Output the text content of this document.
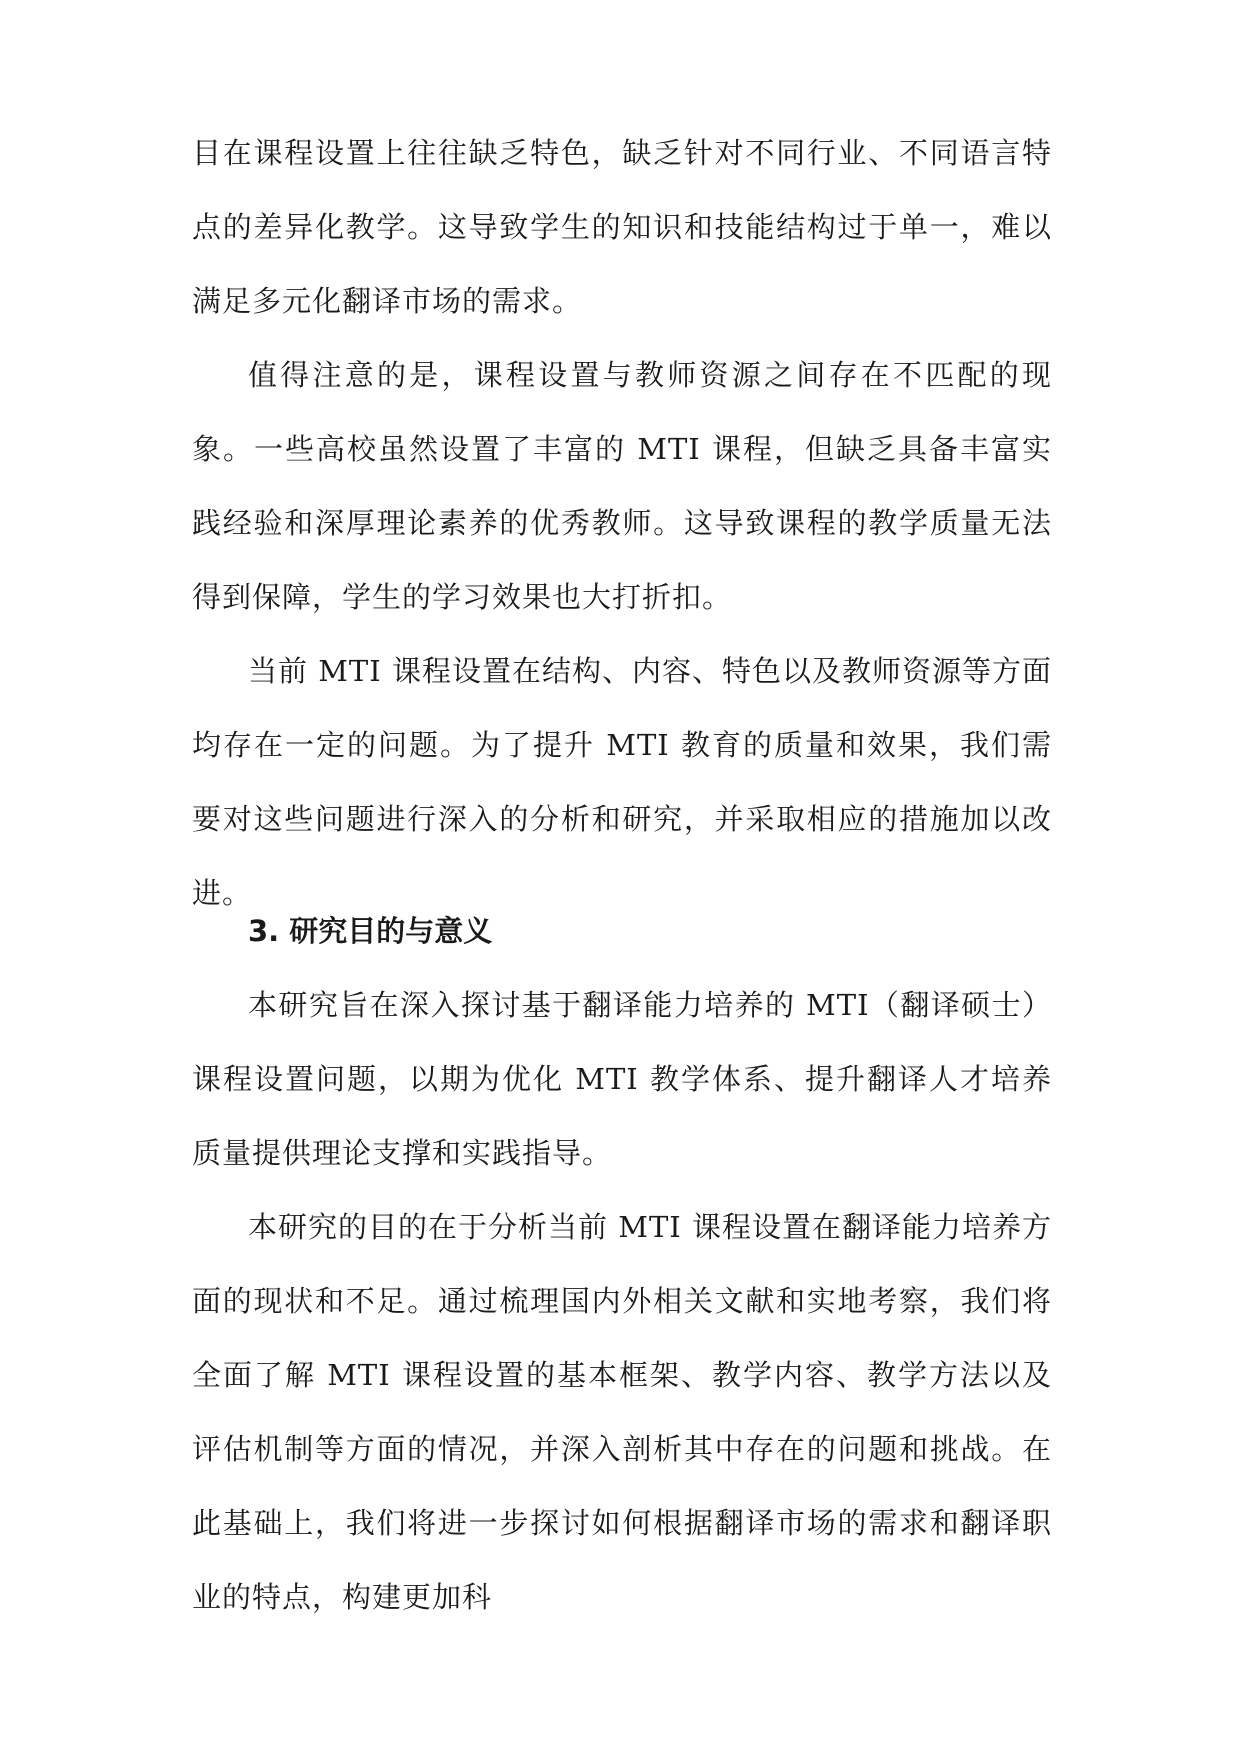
目在课程设置上往往缺乏特色，缺乏针对不同行业、不同语言特点的差异化教学。这导致学生的知识和技能结构过于单一，难以满足多元化翻译市场的需求。

值得注意的是，课程设置与教师资源之间存在不匹配的现象。一些高校虽然设置了丰富的 MTI 课程，但缺乏具备丰富实践经验和深厚理论素养的优秀教师。这导致课程的教学质量无法得到保障，学生的学习效果也大打折扣。

当前 MTI 课程设置在结构、内容、特色以及教师资源等方面均存在一定的问题。为了提升 MTI 教育的质量和效果，我们需要对这些问题进行深入的分析和研究，并采取相应的措施加以改进。

3. 研究目的与意义

本研究旨在深入探讨基于翻译能力培养的 MTI（翻译硕士）课程设置问题，以期为优化 MTI 教学体系、提升翻译人才培养质量提供理论支撑和实践指导。

本研究的目的在于分析当前 MTI 课程设置在翻译能力培养方面的现状和不足。通过梳理国内外相关文献和实地考察，我们将全面了解 MTI 课程设置的基本框架、教学内容、教学方法以及评估机制等方面的情况，并深入剖析其中存在的问题和挑战。在此基础上，我们将进一步探讨如何根据翻译市场的需求和翻译职业的特点，构建更加科
